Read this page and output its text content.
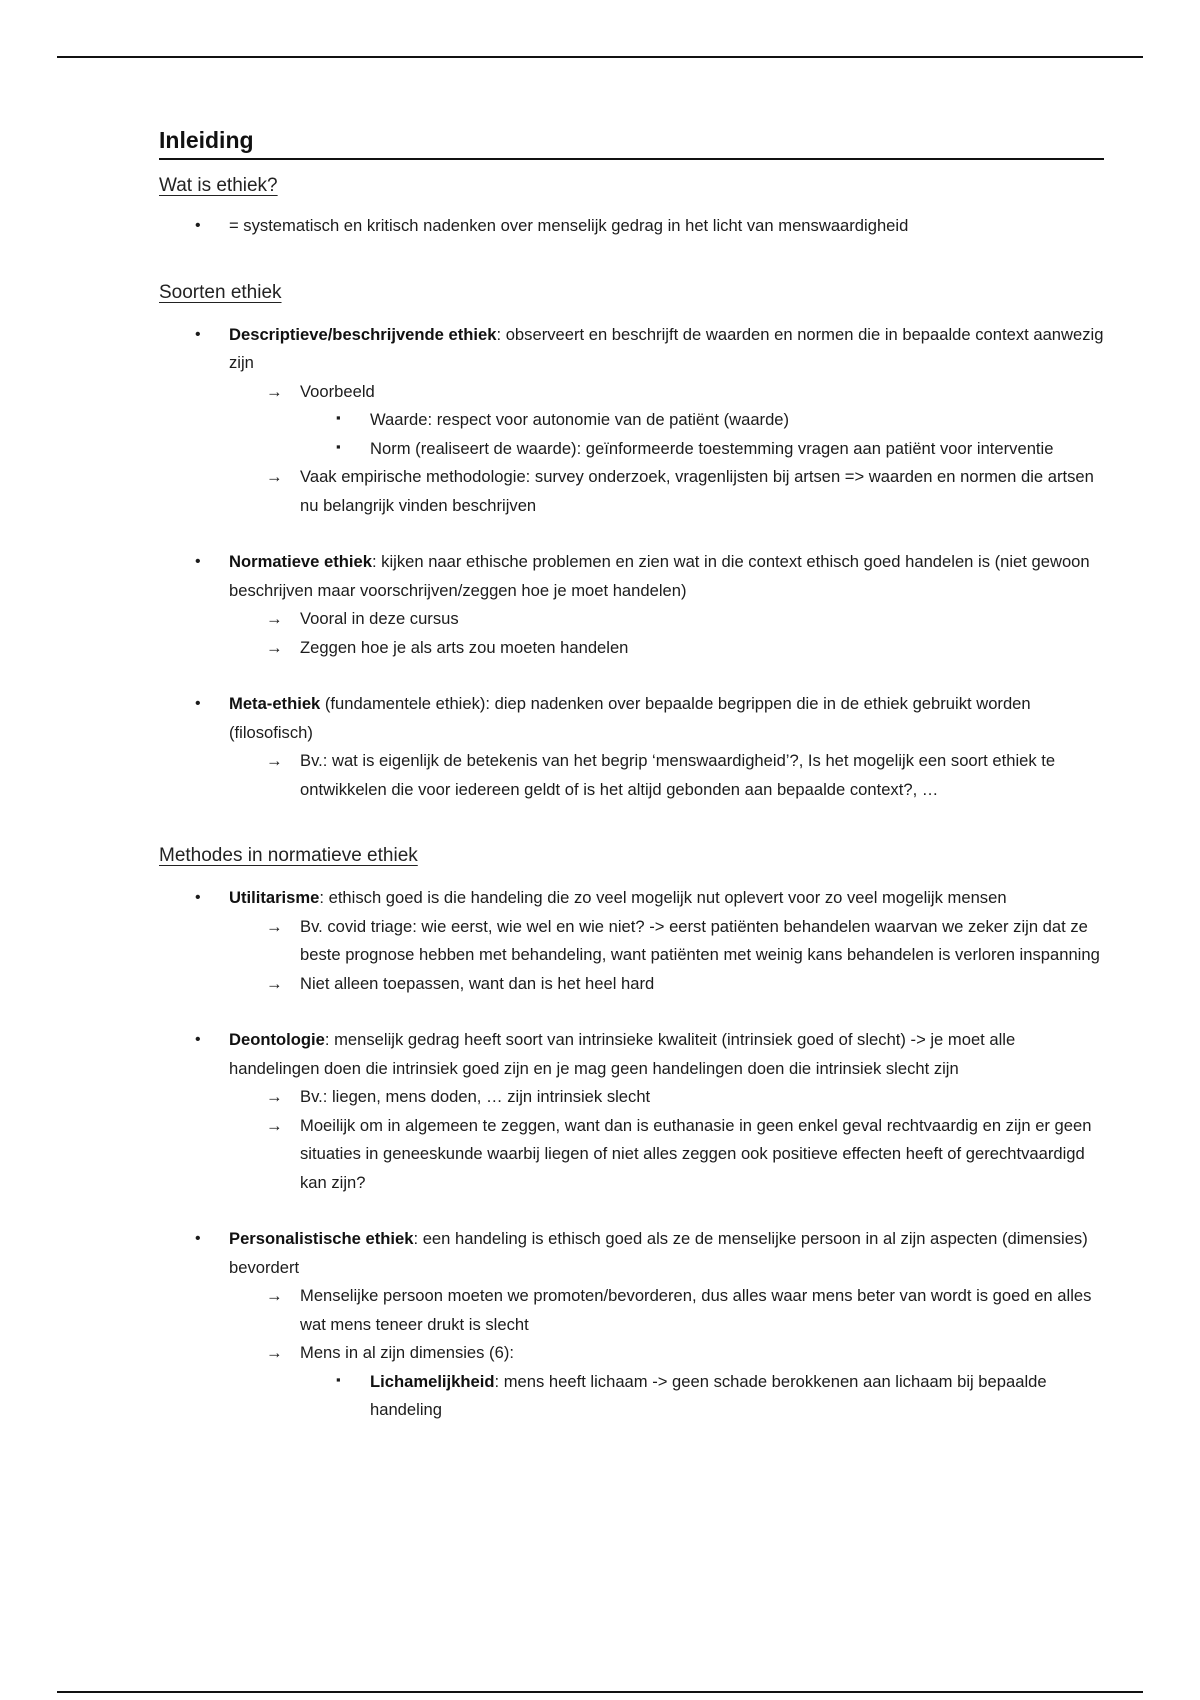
Inleiding
Wat is ethiek?
• = systematisch en kritisch nadenken over menselijk gedrag in het licht van menswaardigheid
Soorten ethiek
• Descriptieve/beschrijvende ethiek: observeert en beschrijft de waarden en normen die in bepaalde context aanwezig zijn
→ Voorbeeld
▪ Waarde: respect voor autonomie van de patiënt (waarde)
▪ Norm (realiseert de waarde): geïnformeerde toestemming vragen aan patiënt voor interventie
→ Vaak empirische methodologie: survey onderzoek, vragenlijsten bij artsen => waarden en normen die artsen nu belangrijk vinden beschrijven
• Normatieve ethiek: kijken naar ethische problemen en zien wat in die context ethisch goed handelen is (niet gewoon beschrijven maar voorschrijven/zeggen hoe je moet handelen)
→ Vooral in deze cursus
→ Zeggen hoe je als arts zou moeten handelen
• Meta-ethiek (fundamentele ethiek): diep nadenken over bepaalde begrippen die in de ethiek gebruikt worden (filosofisch)
→ Bv.: wat is eigenlijk de betekenis van het begrip ‘menswaardigheid’?, Is het mogelijk een soort ethiek te ontwikkelen die voor iedereen geldt of is het altijd gebonden aan bepaalde context?, …
Methodes in normatieve ethiek
• Utilitarisme: ethisch goed is die handeling die zo veel mogelijk nut oplevert voor zo veel mogelijk mensen
→ Bv. covid triage: wie eerst, wie wel en wie niet? -> eerst patiënten behandelen waarvan we zeker zijn dat ze beste prognose hebben met behandeling, want patiënten met weinig kans behandelen is verloren inspanning
→ Niet alleen toepassen, want dan is het heel hard
• Deontologie: menselijk gedrag heeft soort van intrinsieke kwaliteit (intrinsiek goed of slecht) -> je moet alle handelingen doen die intrinsiek goed zijn en je mag geen handelingen doen die intrinsiek slecht zijn
→ Bv.: liegen, mens doden, … zijn intrinsiek slecht
→ Moeilijk om in algemeen te zeggen, want dan is euthanasie in geen enkel geval rechtvaardig en zijn er geen situaties in geneeskunde waarbij liegen of niet alles zeggen ook positieve effecten heeft of gerechtvaardigd kan zijn?
• Personalistische ethiek: een handeling is ethisch goed als ze de menselijke persoon in al zijn aspecten (dimensies) bevordert
→ Menselijke persoon moeten we promoten/bevorderen, dus alles waar mens beter van wordt is goed en alles wat mens teneer drukt is slecht
→ Mens in al zijn dimensies (6):
▪ Lichamelijkheid: mens heeft lichaam -> geen schade berokkenen aan lichaam bij bepaalde handeling
